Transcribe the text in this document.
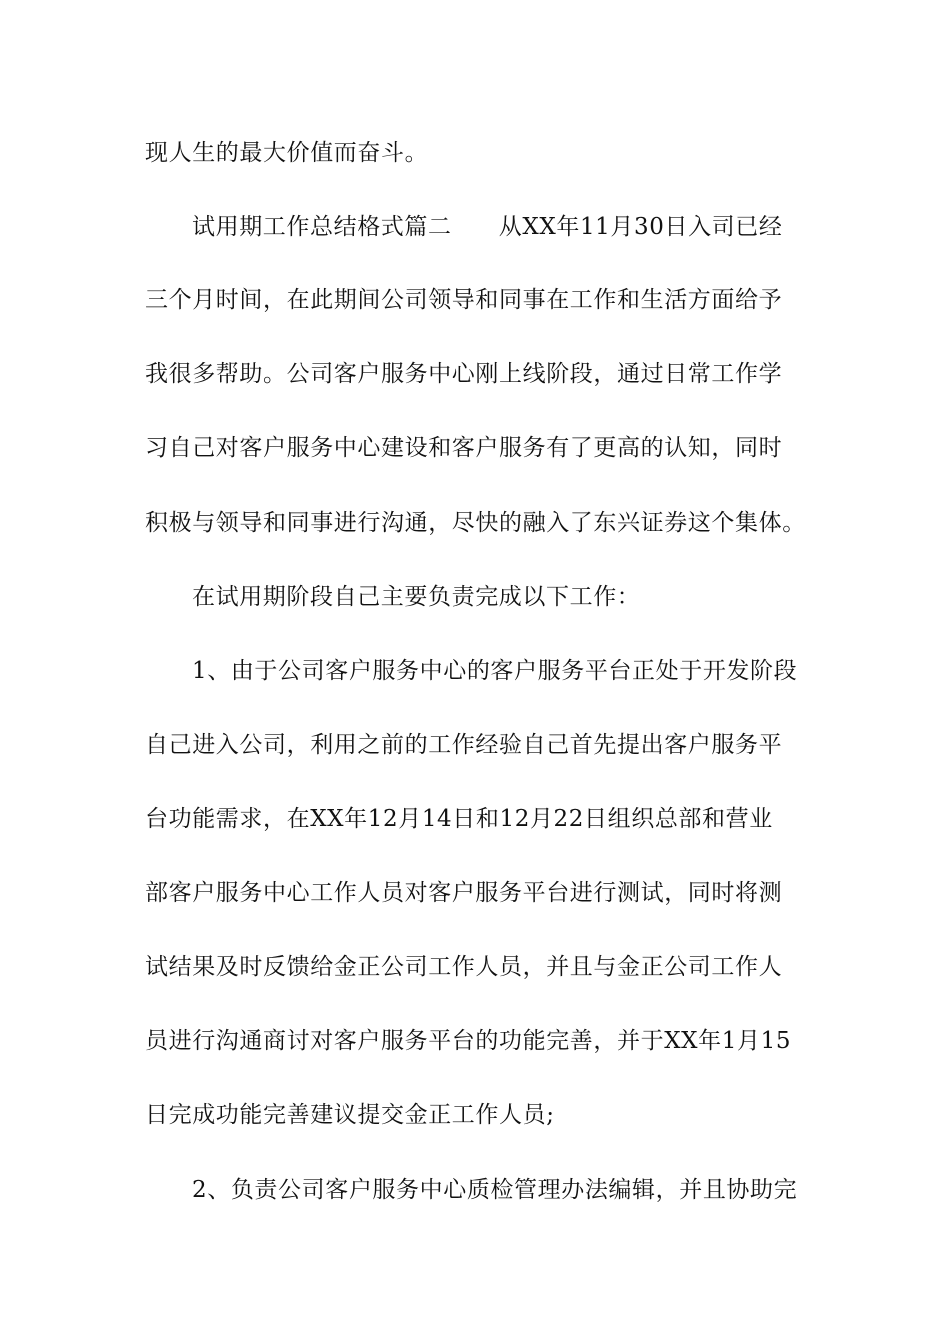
现人生的最大价值而奋斗。
试用期工作总结格式篇二　　从XX年11月30日入司已经
三个月时间，在此期间公司领导和同事在工作和生活方面给予
我很多帮助。公司客户服务中心刚上线阶段，通过日常工作学
习自己对客户服务中心建设和客户服务有了更高的认知，同时
积极与领导和同事进行沟通，尽快的融入了东兴证券这个集体。
在试用期阶段自己主要负责完成以下工作：
1、由于公司客户服务中心的客户服务平台正处于开发阶段
自己进入公司，利用之前的工作经验自己首先提出客户服务平
台功能需求，在XX年12月14日和12月22日组织总部和营业
部客户服务中心工作人员对客户服务平台进行测试，同时将测
试结果及时反馈给金正公司工作人员，并且与金正公司工作人
员进行沟通商讨对客户服务平台的功能完善，并于XX年1月15
日完成功能完善建议提交金正工作人员;
2、负责公司客户服务中心质检管理办法编辑，并且协助完
